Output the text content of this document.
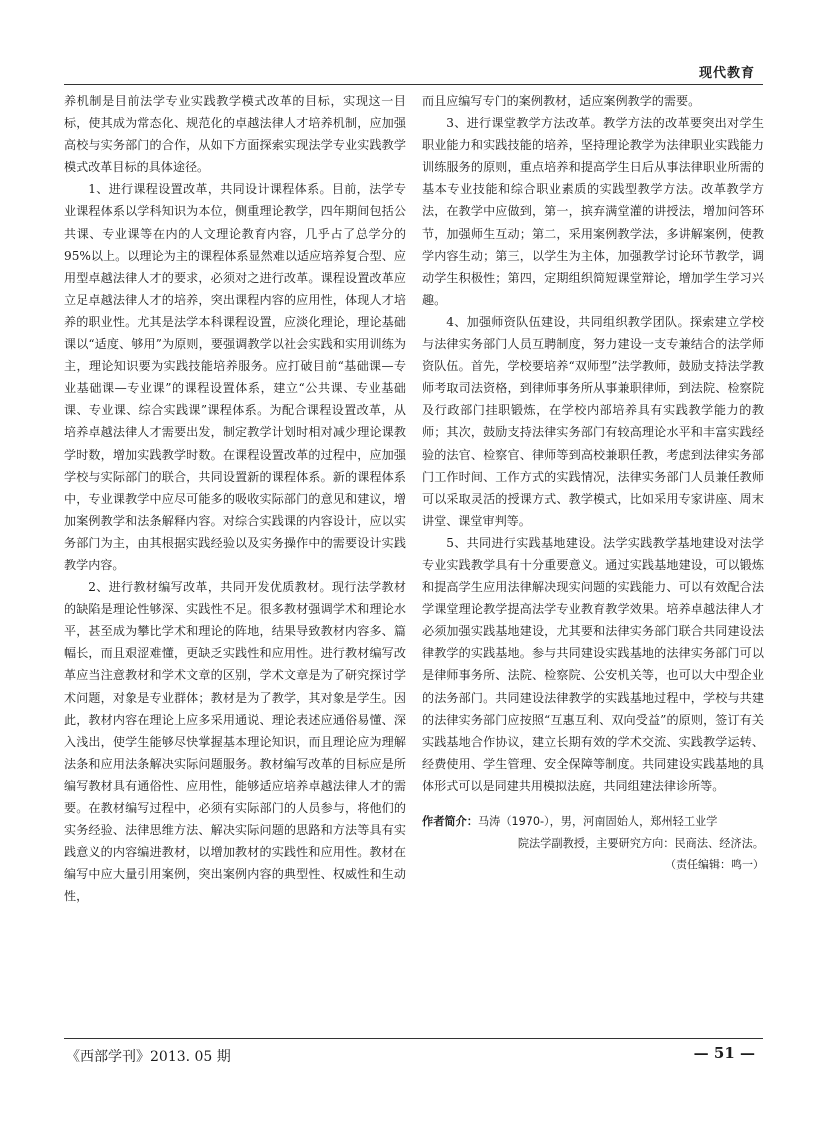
现代教育

养机制是目前法学专业实践教学模式改革的目标，实现这一目标，使其成为常态化、规范化的卓越法律人才培养机制，应加强高校与实务部门的合作，从如下方面探索实现法学专业实践教学模式改革目标的具体途径。

1、进行课程设置改革，共同设计课程体系。目前，法学专业课程体系以学科知识为本位，侧重理论教学，四年期间包括公共课、专业课等在内的人文理论教育内容，几乎占了总学分的95%以上。以理论为主的课程体系显然难以适应培养复合型、应用型卓越法律人才的要求，必须对之进行改革。课程设置改革应立足卓越法律人才的培养，突出课程内容的应用性，体现人才培养的职业性。尤其是法学本科课程设置，应淡化理论，理论基础课以“适度、够用”为原则，要强调教学以社会实践和实用训练为主，理论知识要为实践技能培养服务。应打破目前“基础课—专业基础课—专业课”的课程设置体系，建立“公共课、专业基础课、专业课、综合实践课”课程体系。为配合课程设置改革，从培养卓越法律人才需要出发，制定教学计划时相对减少理论课教学时数，增加实践教学时数。在课程设置改革的过程中，应加强学校与实际部门的联合，共同设置新的课程体系。新的课程体系中，专业课教学中应尽可能多的吸收实际部门的意见和建议，增加案例教学和法条解释内容。对综合实践课的内容设计，应以实务部门为主，由其根据实践经验以及实务操作中的需要设计实践教学内容。

2、进行教材编写改革，共同开发优质教材。现行法学教材的缺陷是理论性够深、实践性不足。很多教材强调学术和理论水平，甚至成为攀比学术和理论的阵地，结果导致教材内容多、篇幅长，而且艰涩难懂，更缺乏实践性和应用性。进行教材编写改革应当注意教材和学术文章的区别，学术文章是为了研究探讨学术问题，对象是专业群体；教材是为了教学，其对象是学生。因此，教材内容在理论上应多采用通说、理论表述应通俗易懂、深入浅出，使学生能够尽快掌握基本理论知识，而且理论应为理解法条和应用法条解决实际问题服务。教材编写改革的目标应是所编写教材具有通俗性、应用性，能够适应培养卓越法律人才的需要。在教材编写过程中，必须有实际部门的人员参与，将他们的实务经验、法律思维方法、解决实际问题的思路和方法等具有实践意义的内容编进教材，以增加教材的实践性和应用性。教材在编写中应大量引用案例，突出案例内容的典型性、权威性和生动性，

而且应编写专门的案例教材，适应案例教学的需要。

3、进行课堂教学方法改革。教学方法的改革要突出对学生职业能力和实践技能的培养，坚持理论教学为法律职业实践能力训练服务的原则，重点培养和提高学生日后从事法律职业所需的基本专业技能和综合职业素质的实践型教学方法。改革教学方法，在教学中应做到，第一，摈弃满堂灌的讲授法，增加问答环节，加强师生互动；第二，采用案例教学法，多讲解案例，使教学内容生动；第三，以学生为主体，加强教学讨论环节教学，调动学生积极性；第四，定期组织简短课堂辩论，增加学生学习兴趣。

4、加强师资队伍建设，共同组织教学团队。探索建立学校与法律实务部门人员互聘制度，努力建设一支专兼结合的法学师资队伍。首先，学校要培养“双师型”法学教师，鼓励支持法学教师考取司法资格，到律师事务所从事兼职律师，到法院、检察院及行政部门挂职锻炼，在学校内部培养具有实践教学能力的教师；其次，鼓励支持法律实务部门有较高理论水平和丰富实践经验的法官、检察官、律师等到高校兼职任教，考虑到法律实务部门工作时间、工作方式的实践情况，法律实务部门人员兼任教师可以采取灵活的授课方式、教学模式，比如采用专家讲座、周末讲堂、课堂审判等。

5、共同进行实践基地建设。法学实践教学基地建设对法学专业实践教学具有十分重要意义。通过实践基地建设，可以锻炼和提高学生应用法律解决现实问题的实践能力、可以有效配合法学课堂理论教学提高法学专业教育教学效果。培养卓越法律人才必须加强实践基地建设，尤其要和法律实务部门联合共同建设法律教学的实践基地。参与共同建设实践基地的法律实务部门可以是律师事务所、法院、检察院、公安机关等，也可以大中型企业的法务部门。共同建设法律教学的实践基地过程中，学校与共建的法律实务部门应按照“互惠互利、双向受益”的原则，签订有关实践基地合作协议，建立长期有效的学术交流、实践教学运转、经费使用、学生管理、安全保障等制度。共同建设实践基地的具体形式可以是同建共用模拟法庭，共同组建法律诊所等。

作者简介： 马涛（1970-），男，河南固始人，郑州轻工业学
院法学副教授，主要研究方向：民商法、经济法。
（责任编辑：鸣一）
《西部学刊》2013. 05 期	— 51 —
